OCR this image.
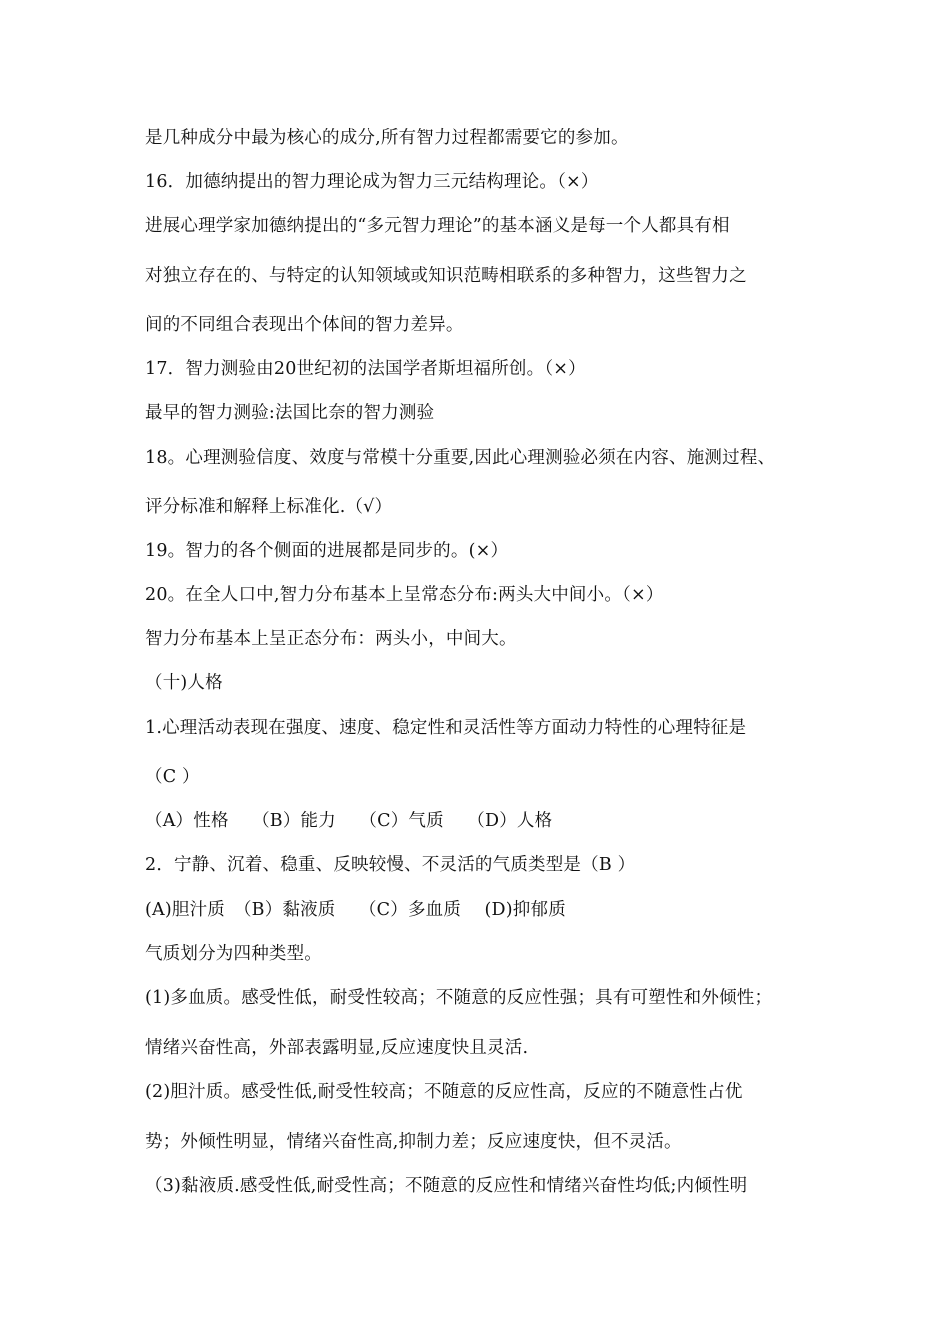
是几种成分中最为核心的成分,所有智力过程都需要它的参加。
16．加德纳提出的智力理论成为智力三元结构理论。（×）
进展心理学家加德纳提出的“多元智力理论”的基本涵义是每一个人都具有相
对独立存在的、与特定的认知领域或知识范畴相联系的多种智力，这些智力之
间的不同组合表现出个体间的智力差异。
17．智力测验由20世纪初的法国学者斯坦福所创。（×）
最早的智力测验:法国比奈的智力测验
18。心理测验信度、效度与常模十分重要,因此心理测验必须在内容、施测过程、
评分标准和解释上标准化.（√）
19。智力的各个侧面的进展都是同步的。(×）
20。在全人口中,智力分布基本上呈常态分布:两头大中间小。（×）
智力分布基本上呈正态分布：两头小，中间大。
（十)人格
1.心理活动表现在强度、速度、稳定性和灵活性等方面动力特性的心理特征是
（C ）
（A）性格　 （B）能力　 （C）气质　 （D）人格
2．宁静、沉着、稳重、反映较慢、不灵活的气质类型是（B ）
(A)胆汁质　（B）黏液质　 （C）多血质　 (D)抑郁质
气质划分为四种类型。
(1)多血质。感受性低，耐受性较高；不随意的反应性强；具有可塑性和外倾性；
情绪兴奋性高，外部表露明显,反应速度快且灵活.
(2)胆汁质。感受性低,耐受性较高；不随意的反应性高，反应的不随意性占优
势；外倾性明显，情绪兴奋性高,抑制力差；反应速度快，但不灵活。
（3)黏液质.感受性低,耐受性高；不随意的反应性和情绪兴奋性均低;内倾性明
